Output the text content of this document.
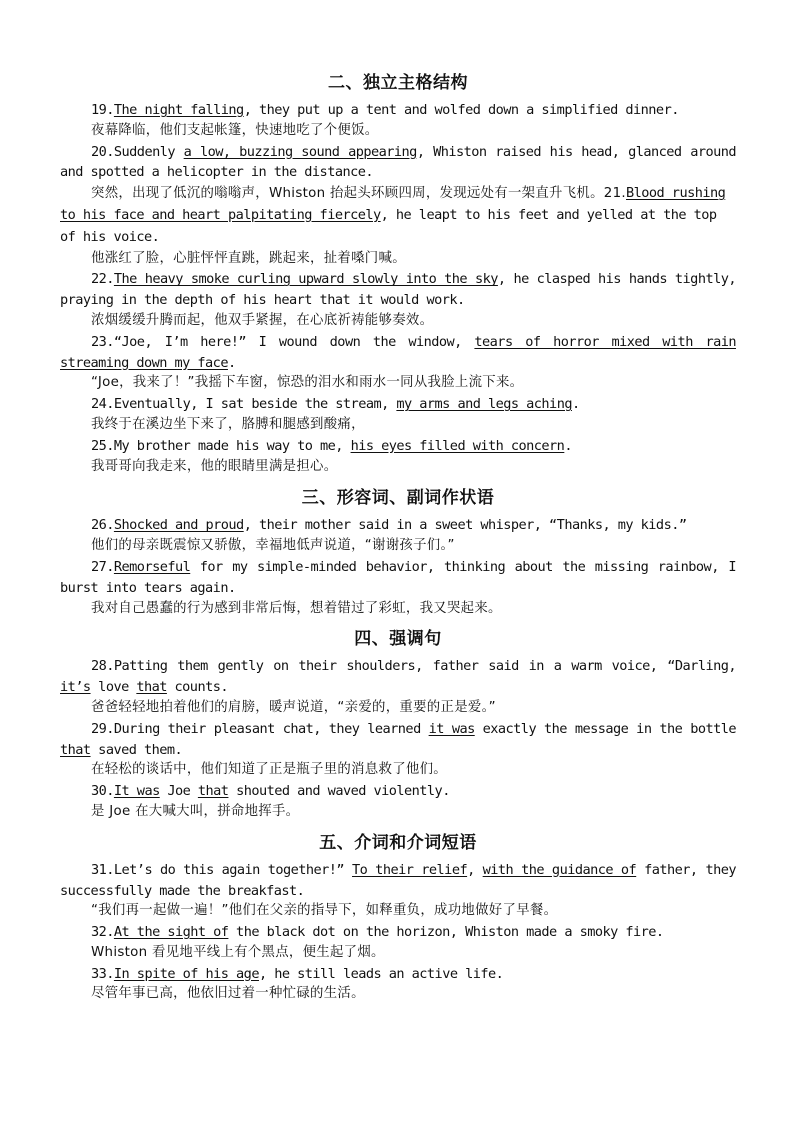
二、独立主格结构

19.The night falling, they put up a tent and wolfed down a simplified dinner.

夜幕降临，他们支起帐篷，快速地吃了个便饭。

20.Suddenly a low, buzzing sound appearing, Whiston raised his head, glanced around and spotted a helicopter in the distance.

突然，出现了低沉的嗡嗡声，Whiston 抬起头环顾四周，发现远处有一架直升飞机。21.Blood rushing to his face and heart palpitating fiercely, he leapt to his feet and yelled at the top of his voice.

他涨红了脸，心脏怦怦直跳，跳起来，扯着嗓门喊。

22.The heavy smoke curling upward slowly into the sky, he clasped his hands tightly, praying in the depth of his heart that it would work.

浓烟缓缓升腾而起，他双手紧握，在心底祈祷能够奏效。

23.“Joe, I’m here!” I wound down the window, tears of horror mixed with rain streaming down my face.

“Joe，我来了！”我摇下车窗，惊恐的泪水和雨水一同从我脸上流下来。

24.Eventually, I sat beside the stream, my arms and legs aching.

我终于在溪边坐下来了，胳膊和腿感到酸痛，

25.My brother made his way to me, his eyes filled with concern.

我哥哥向我走来，他的眼睛里满是担心。

三、形容词、副词作状语

26.Shocked and proud, their mother said in a sweet whisper, “Thanks, my kids.”

他们的母亲既震惊又骄傲，幸福地低声说道，“谢谢孩子们。”

27.Remorseful for my simple-minded behavior, thinking about the missing rainbow, I burst into tears again.

我对自己愚蠢的行为感到非常后悔，想着错过了彩虹，我又哭起来。

四、强调句

28.Patting them gently on their shoulders, father said in a warm voice, “Darling, it’s love that counts.

爸爸轻轻地拍着他们的肩膀，暖声说道，“亲爱的，重要的正是爱。”

29.During their pleasant chat, they learned it was exactly the message in the bottle that saved them.

在轻松的谈话中，他们知道了正是瓶子里的消息救了他们。

30.It was Joe that shouted and waved violently.

是 Joe 在大喊大叫，拼命地挥手。

五、介词和介词短语

31.Let’s do this again together!” To their relief, with the guidance of father, they successfully made the breakfast.

“我们再一起做一遍！”他们在父亲的指导下，如释重负，成功地做好了早餐。

32.At the sight of the black dot on the horizon, Whiston made a smoky fire.

Whiston 看见地平线上有个黑点，便生起了烟。

33.In spite of his age, he still leads an active life.

尽管年事已高，他依旧过着一种忙碌的生活。
